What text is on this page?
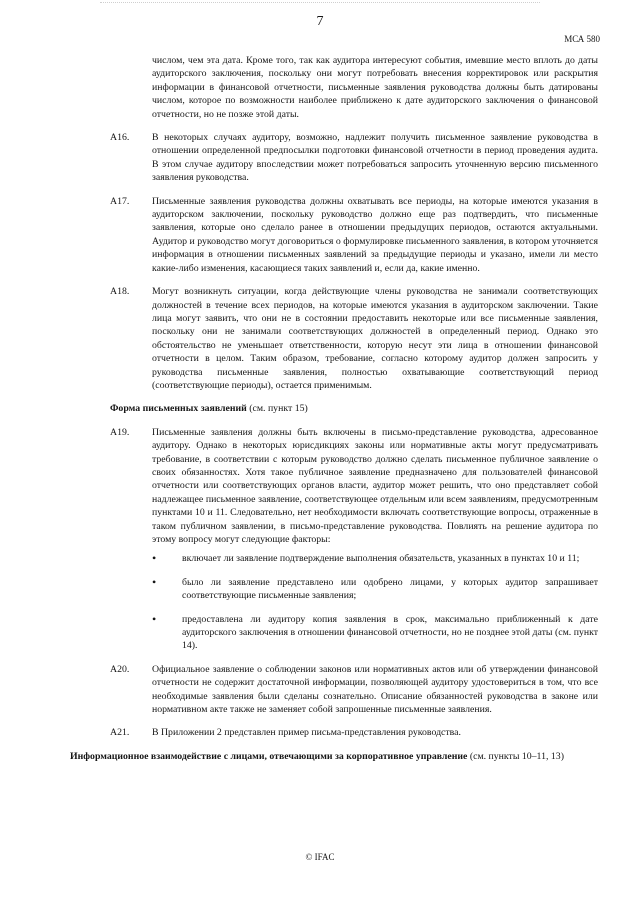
7
МСА 580
числом, чем эта дата. Кроме того, так как аудитора интересуют события, имевшие место вплоть до даты аудиторского заключения, поскольку они могут потребовать внесения корректировок или раскрытия информации в финансовой отчетности, письменные заявления руководства должны быть датированы числом, которое по возможности наиболее приближено к дате аудиторского заключения о финансовой отчетности, но не позже этой даты.
A16.	В некоторых случаях аудитору, возможно, надлежит получить письменное заявление руководства в отношении определенной предпосылки подготовки финансовой отчетности в период проведения аудита. В этом случае аудитору впоследствии может потребоваться запросить уточненную версию письменного заявления руководства.
A17.	Письменные заявления руководства должны охватывать все периоды, на которые имеются указания в аудиторском заключении, поскольку руководство должно еще раз подтвердить, что письменные заявления, которые оно сделало ранее в отношении предыдущих периодов, остаются актуальными. Аудитор и руководство могут договориться о формулировке письменного заявления, в котором уточняется информация в отношении письменных заявлений за предыдущие периоды и указано, имели ли место какие-либо изменения, касающиеся таких заявлений и, если да, какие именно.
A18.	Могут возникнуть ситуации, когда действующие члены руководства не занимали соответствующих должностей в течение всех периодов, на которые имеются указания в аудиторском заключении. Такие лица могут заявить, что они не в состоянии предоставить некоторые или все письменные заявления, поскольку они не занимали соответствующих должностей в определенный период. Однако это обстоятельство не уменьшает ответственности, которую несут эти лица в отношении финансовой отчетности в целом. Таким образом, требование, согласно которому аудитор должен запросить у руководства письменные заявления, полностью охватывающие соответствующий период (соответствующие периоды), остается применимым.
Форма письменных заявлений (см. пункт 15)
A19.	Письменные заявления должны быть включены в письмо-представление руководства, адресованное аудитору. Однако в некоторых юрисдикциях законы или нормативные акты могут предусматривать требование, в соответствии с которым руководство должно сделать письменное публичное заявление о своих обязанностях. Хотя такое публичное заявление предназначено для пользователей финансовой отчетности или соответствующих органов власти, аудитор может решить, что оно представляет собой надлежащее письменное заявление, соответствующее отдельным или всем заявлениям, предусмотренным пунктами 10 и 11. Следовательно, нет необходимости включать соответствующие вопросы, отраженные в таком публичном заявлении, в письмо-представление руководства. Повлиять на решение аудитора по этому вопросу могут следующие факторы:
•	включает ли заявление подтверждение выполнения обязательств, указанных в пунктах 10 и 11;
•	было ли заявление представлено или одобрено лицами, у которых аудитор запрашивает соответствующие письменные заявления;
•	предоставлена ли аудитору копия заявления в срок, максимально приближенный к дате аудиторского заключения в отношении финансовой отчетности, но не позднее этой даты (см. пункт 14).
A20.	Официальное заявление о соблюдении законов или нормативных актов или об утверждении финансовой отчетности не содержит достаточной информации, позволяющей аудитору удостовериться в том, что все необходимые заявления были сделаны сознательно. Описание обязанностей руководства в законе или нормативном акте также не заменяет собой запрошенные письменные заявления.
A21.	В Приложении 2 представлен пример письма-представления руководства.
Информационное взаимодействие с лицами, отвечающими за корпоративное управление (см. пункты 10–11, 13)
© IFAC
